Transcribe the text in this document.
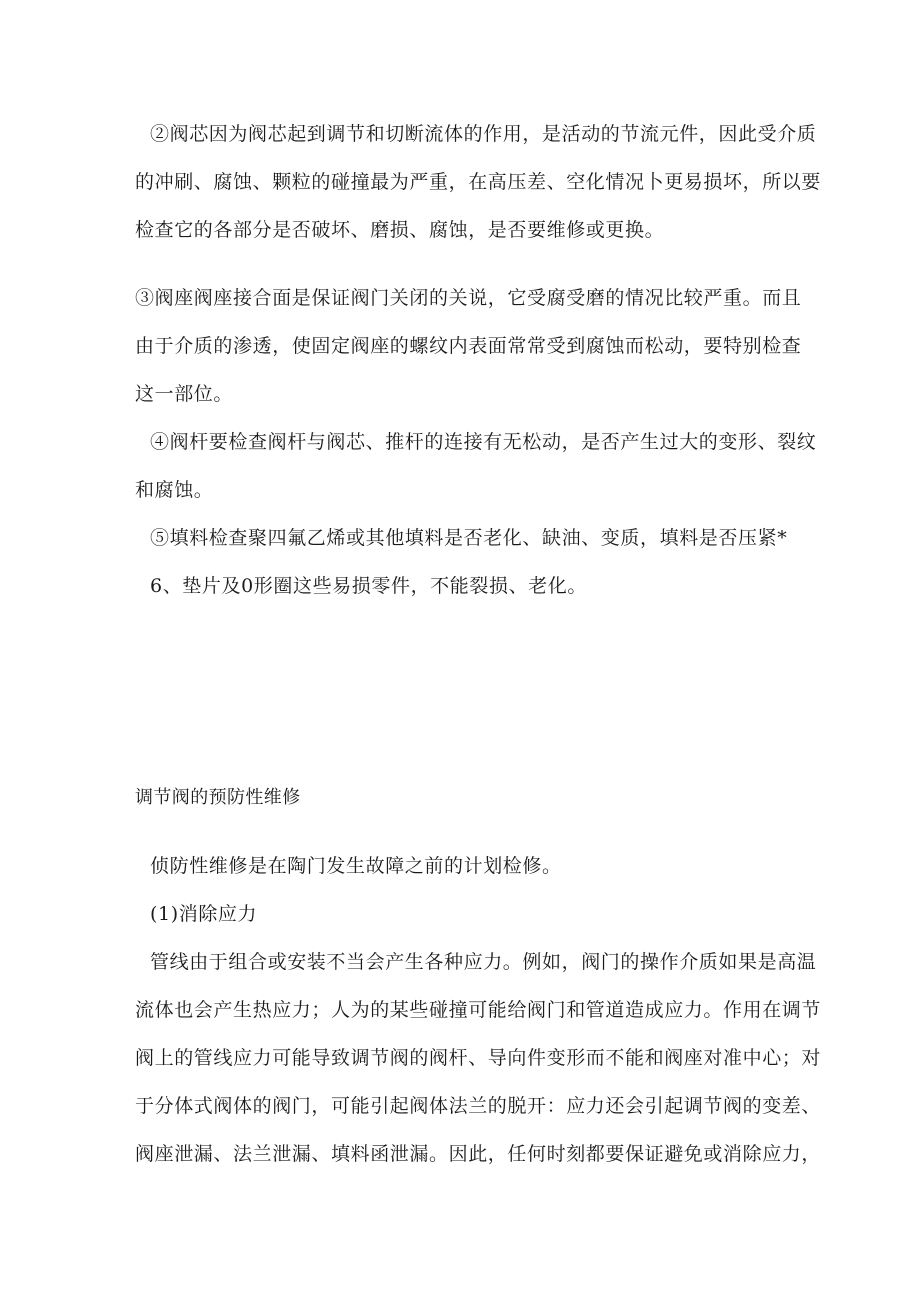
②阀芯因为阀芯起到调节和切断流体的作用，是活动的节流元件，因此受介质
的冲刷、腐蚀、颗粒的碰撞最为严重，在高压差、空化情况卜更易损坏，所以要
检查它的各部分是否破坏、磨损、腐蚀，是否要维修或更换。
③阀座阀座接合面是保证阀门关闭的关说，它受腐受磨的情况比较严重。而且
由于介质的渗透，使固定阀座的螺纹内表面常常受到腐蚀而松动，要特别检查
这一部位。
④阀杆要检查阀杆与阀芯、推杆的连接有无松动，是否产生过大的变形、裂纹
和腐蚀。
⑤填料检查聚四氟乙烯或其他填料是否老化、缺油、变质，填料是否压紧*
6、垫片及0形圈这些易损零件，不能裂损、老化。
调节阀的预防性维修
侦防性维修是在陶门发生故障之前的计划检修。
(1)消除应力
管线由于组合或安装不当会产生各种应力。例如，阀门的操作介质如果是高温
流体也会产生热应力；人为的某些碰撞可能给阀门和管道造成应力。作用在调节
阀上的管线应力可能导致调节阀的阀杆、导向件变形而不能和阀座对准中心；对
于分体式阀体的阀门，可能引起阀体法兰的脱开：应力还会引起调节阀的变差、
阀座泄漏、法兰泄漏、填料函泄漏。因此，任何时刻都要保证避免或消除应力，
